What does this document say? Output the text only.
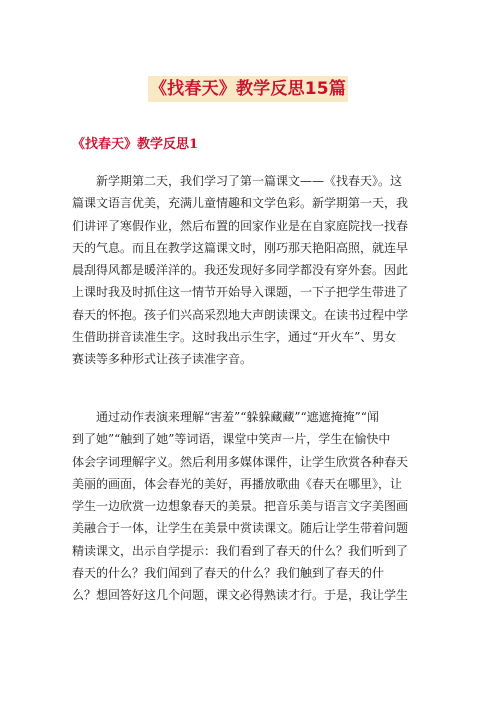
《找春天》教学反思15篇
《找春天》教学反思1
新学期第二天，我们学习了第一篇课文——《找春天》。这
篇课文语言优美，充满儿童情趣和文学色彩。新学期第一天，我
们讲评了寒假作业，然后布置的回家作业是在自家庭院找一找春
天的气息。而且在教学这篇课文时，刚巧那天艳阳高照，就连早
晨刮得风都是暖洋洋的。我还发现好多同学都没有穿外套。因此
上课时我及时抓住这一情节开始导入课题，一下子把学生带进了
春天的怀抱。孩子们兴高采烈地大声朗读课文。在读书过程中学
生借助拼音读准生字。这时我出示生字，通过“开火车”、男女
赛读等多种形式让孩子读准字音。
通过动作表演来理解“害羞”“躲躲藏藏”“遮遮掩掩”“闻
到了她”“触到了她”等词语，课堂中笑声一片，学生在愉快中
体会字词理解字义。然后利用多媒体课件，让学生欣赏各种春天
美丽的画面，体会春光的美好，再播放歌曲《春天在哪里》，让
学生一边欣赏一边想象春天的美景。把音乐美与语言文字美图画
美融合于一体，让学生在美景中赏读课文。随后让学生带着问题
精读课文，出示自学提示：我们看到了春天的什么？我们听到了
春天的什么？我们闻到了春天的什么？我们触到了春天的什
么？想回答好这几个问题，课文必得熟读才行。于是，我让学生
